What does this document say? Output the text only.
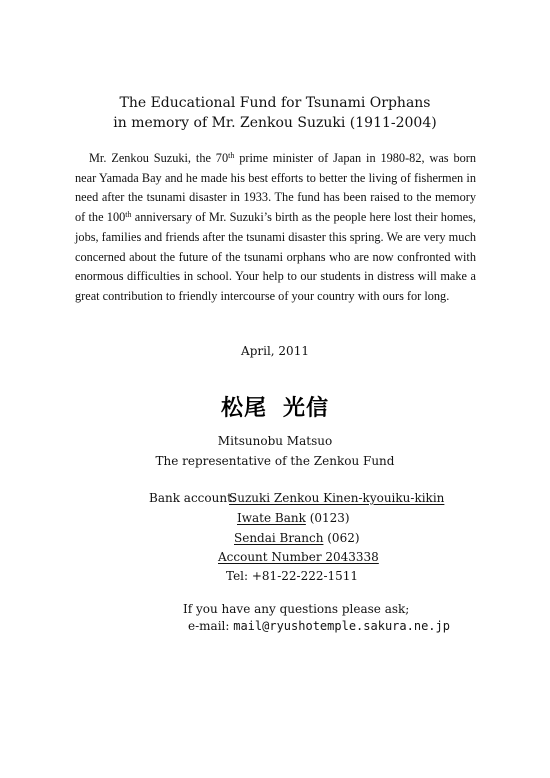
The Educational Fund for Tsunami Orphans
in memory of Mr. Zenkou Suzuki (1911-2004)
Mr. Zenkou Suzuki, the 70th prime minister of Japan in 1980-82, was born near Yamada Bay and he made his best efforts to better the living of fishermen in need after the tsunami disaster in 1933. The fund has been raised to the memory of the 100th anniversary of Mr. Suzuki’s birth as the people here lost their homes, jobs, families and friends after the tsunami disaster this spring. We are very much concerned about the future of the tsunami orphans who are now confronted with enormous difficulties in school. Your help to our students in distress will make a great contribution to friendly intercourse of your country with ours for long.
April, 2011
松尾 光信
Mitsunobu Matsuo
The representative of the Zenkou Fund
Bank account:
Suzuki Zenkou Kinen-kyouiku-kikin
Iwate Bank (0123)
Sendai Branch (062)
Account Number 2043338
Tel: +81-22-222-1511
If you have any questions please ask;
e-mail: mail@ryushotemple.sakura.ne.jp
